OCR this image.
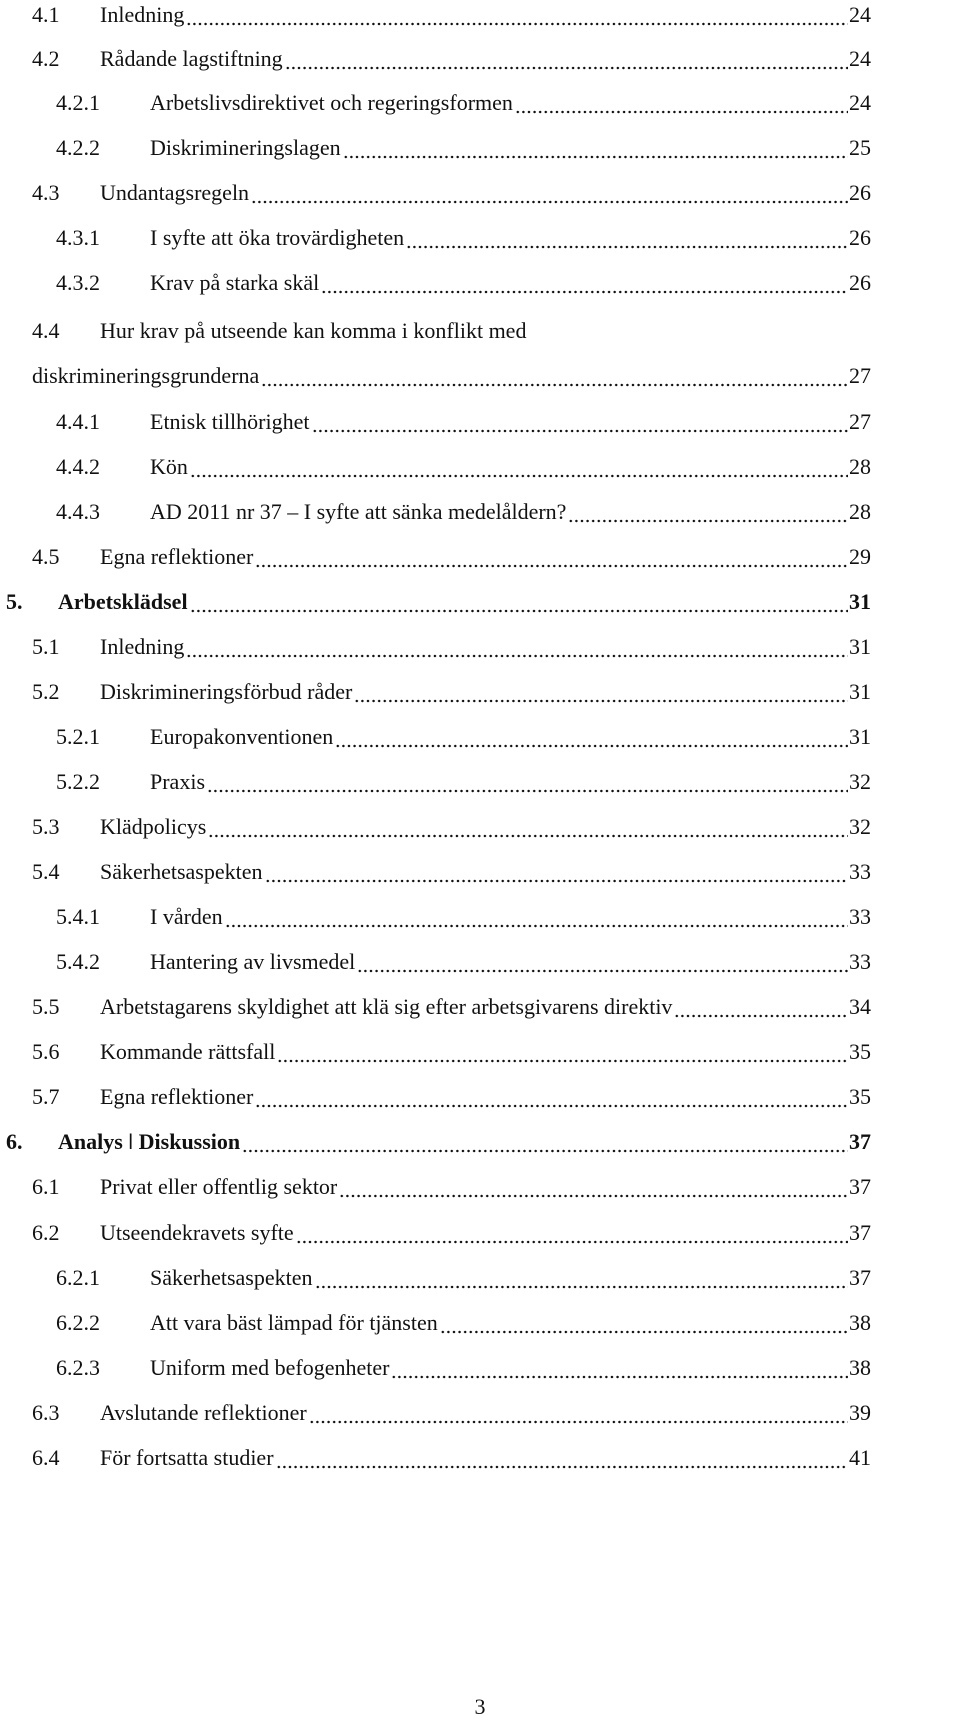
4.1 Inledning	24
4.2 Rådande lagstiftning	24
4.2.1 Arbetslivsdirektivet och regeringsformen	24
4.2.2 Diskrimineringslagen	25
4.3 Undantagsregeln	26
4.3.1 I syfte att öka trovärdigheten	26
4.3.2 Krav på starka skäl	26
4.4 Hur krav på utseende kan komma i konflikt med
diskrimineringsgrunderna	27
4.4.1 Etnisk tillhörighet	27
4.4.2 Kön	28
4.4.3 AD 2011 nr 37 – I syfte att sänka medelåldern?	28
4.5 Egna reflektioner	29
5. Arbetsklädsel	31
5.1 Inledning	31
5.2 Diskrimineringsförbud råder	31
5.2.1 Europakonventionen	31
5.2.2 Praxis	32
5.3 Klädpolicys	32
5.4 Säkerhetsaspekten	33
5.4.1 I vården	33
5.4.2 Hantering av livsmedel	33
5.5 Arbetstagarens skyldighet att klä sig efter arbetsgivarens direktiv	34
5.6 Kommande rättsfall	35
5.7 Egna reflektioner	35
6. Analys ǀ Diskussion	37
6.1 Privat eller offentlig sektor	37
6.2 Utseendekravets syfte	37
6.2.1 Säkerhetsaspekten	37
6.2.2 Att vara bäst lämpad för tjänsten	38
6.2.3 Uniform med befogenheter	38
6.3 Avslutande reflektioner	39
6.4 För fortsatta studier	41
3
